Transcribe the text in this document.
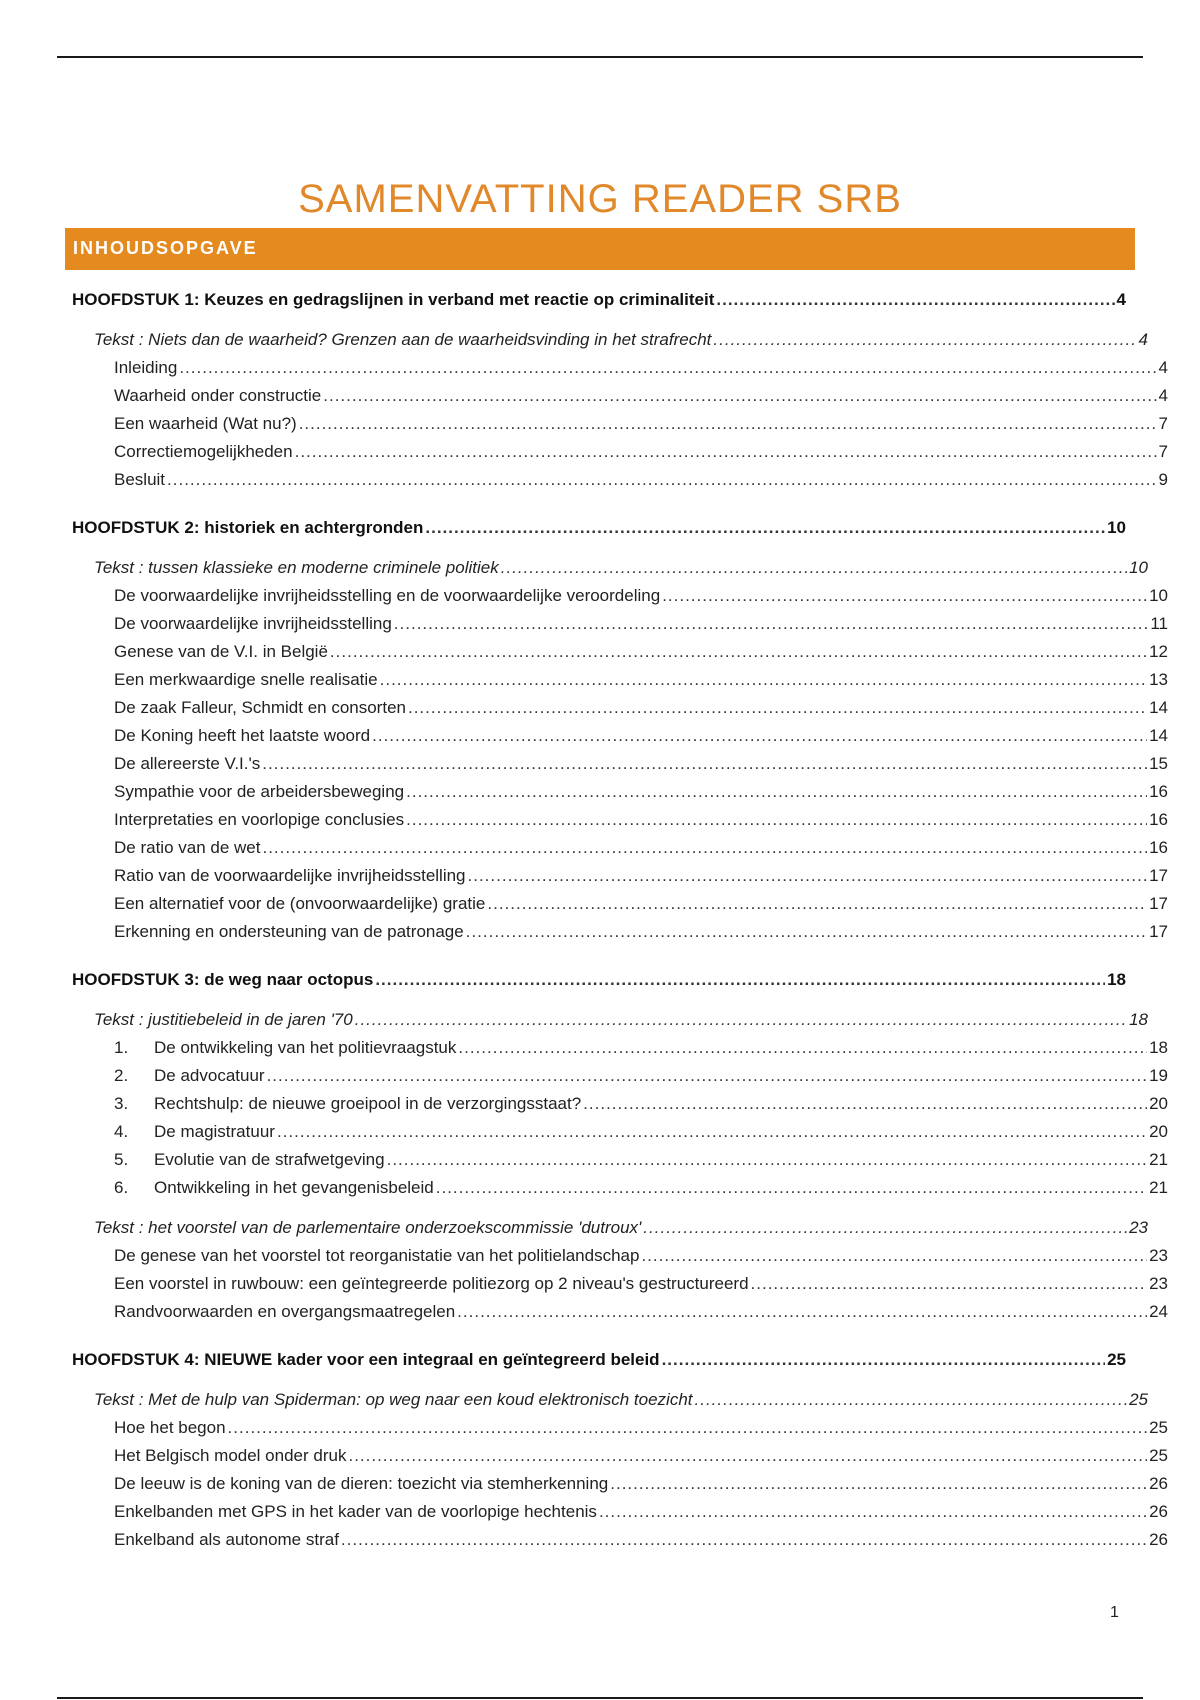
SAMENVATTING READER SRB
INHOUDSOPGAVE
HOOFDSTUK 1: Keuzes en gedragslijnen in verband met reactie op criminaliteit .....	4
Tekst : Niets dan de waarheid? Grenzen aan de waarheidsvinding in het strafrecht .....	4
Inleiding .....	4
Waarheid onder constructie .....	4
Een waarheid (Wat nu?) .....	7
Correctiemogelijkheden .....	7
Besluit .....	9
HOOFDSTUK 2: historiek en achtergronden .....	10
Tekst : tussen klassieke en moderne criminele politiek .....	10
De voorwaardelijke invrijheidsstelling en de voorwaardelijke veroordeling .....	10
De voorwaardelijke invrijheidsstelling .....	11
Genese van de V.I. in België .....	12
Een merkwaardige snelle realisatie .....	13
De zaak Falleur, Schmidt en consorten .....	14
De Koning heeft het laatste woord .....	14
De allereerste V.I.'s .....	15
Sympathie voor de arbeidersbeweging .....	16
Interpretaties en voorlopige conclusies .....	16
De ratio van de wet .....	16
Ratio van de voorwaardelijke invrijheidsstelling .....	17
Een alternatief voor de (onvoorwaardelijke) gratie .....	17
Erkenning en ondersteuning van de patronage .....	17
HOOFDSTUK 3: de weg naar octopus .....	18
Tekst : justitiebeleid in de jaren '70 .....	18
1.	De ontwikkeling van het politievraagstuk .....	18
2.	De advocatuur .....	19
3.	Rechtshulp: de nieuwe groeipool in de verzorgingsstaat? .....	20
4.	De magistratuur .....	20
5.	Evolutie van de strafwetgeving .....	21
6.	Ontwikkeling in het gevangenisbeleid .....	21
Tekst : het voorstel van de parlementaire onderzoekscommissie 'dutroux' .....	23
De genese van het voorstel tot reorganistatie van het politielandschap .....	23
Een voorstel in ruwbouw: een geïntegreerde politiezorg op 2 niveau's gestructureerd .....	23
Randvoorwaarden en overgangsmaatregelen .....	24
HOOFDSTUK 4: NIEUWE kader voor een integraal en geïntegreerd beleid .....	25
Tekst : Met de hulp van Spiderman: op weg naar een koud elektronisch toezicht .....	25
Hoe het begon .....	25
Het Belgisch model onder druk .....	25
De leeuw is de koning van de dieren: toezicht via stemherkenning .....	26
Enkelbanden met GPS in het kader van de voorlopige hechtenis .....	26
Enkelband als autonome straf .....	26
1
